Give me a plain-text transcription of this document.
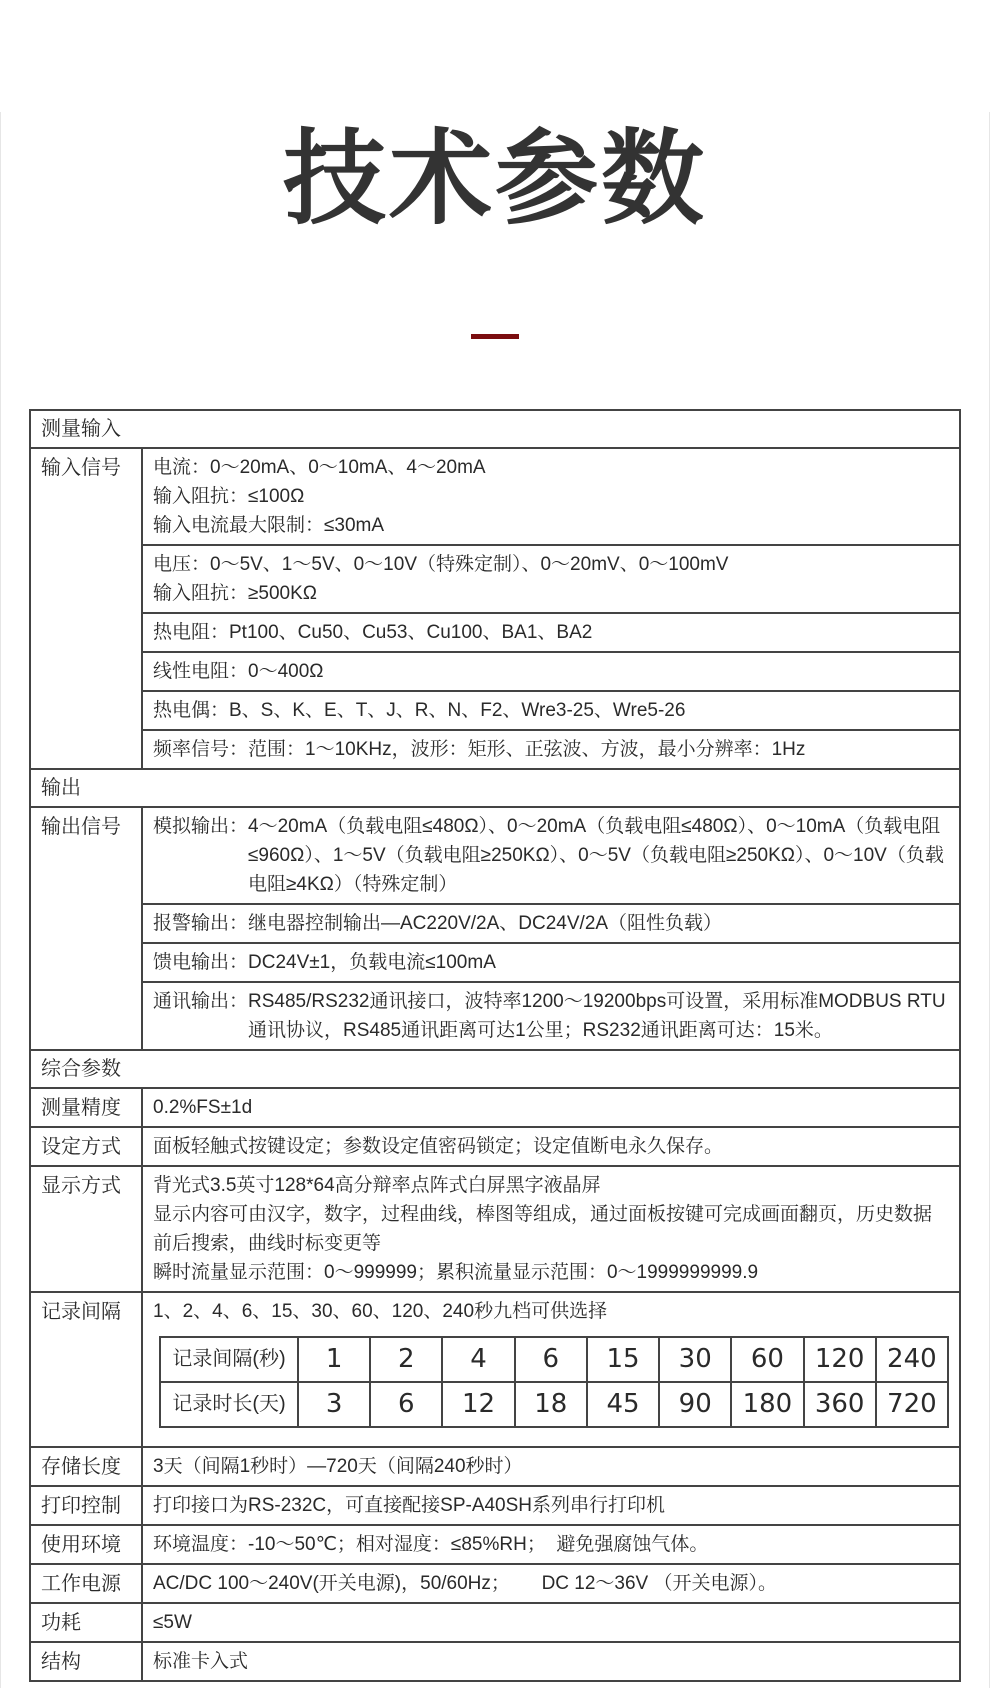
技术参数
测量输入
输入信号	电流：0～20mA、0～10mA、4～20mA
输入阻抗：≤100Ω
输入电流最大限制：≤30mA

电压：0～5V、1～5V、0～10V（特殊定制）、0～20mV、0～100mV
输入阻抗：≥500KΩ

热电阻：Pt100、Cu50、Cu53、Cu100、BA1、BA2

线性电阻：0～400Ω

热电偶：B、S、K、E、T、J、R、N、F2、Wre3-25、Wre5-26

频率信号：范围：1～10KHz，波形：矩形、正弦波、方波，最小分辨率：1Hz

输出
输出信号	模拟输出：4～20mA（负载电阻≤480Ω）、0～20mA（负载电阻≤480Ω）、0～10mA（负载电阻≤960Ω）、1～5V（负载电阻≥250KΩ）、0～5V（负载电阻≥250KΩ）、0～10V（负载电阻≥4KΩ）（特殊定制）

报警输出：继电器控制输出—AC220V/2A、DC24V/2A（阻性负载）

馈电输出：DC24V±1，负载电流≤100mA

通讯输出：RS485/RS232通讯接口，波特率1200～19200bps可设置，采用标准MODBUS RTU通讯协议，RS485通讯距离可达1公里；RS232通讯距离可达：15米。

综合参数
测量精度	0.2%FS±1d

设定方式	面板轻触式按键设定；参数设定值密码锁定；设定值断电永久保存。

显示方式	背光式3.5英寸128*64高分辩率点阵式白屏黑字液晶屏
显示内容可由汉字，数字，过程曲线，棒图等组成，通过面板按键可完成画面翻页，历史数据前后搜索，曲线时标变更等
瞬时流量显示范围：0～999999；累积流量显示范围：0～1999999999.9

记录间隔	1、2、4、6、15、30、60、120、240秒九档可供选择
记录间隔(秒)	1	2	4	6	15	30	60	120	240
记录时长(天)	3	6	12	18	45	90	180	360	720

存储长度	3天（间隔1秒时）—720天（间隔240秒时）

打印控制	打印接口为RS-232C，可直接配接SP-A40SH系列串行打印机

使用环境	环境温度：-10～50℃；相对湿度：≤85%RH；  避免强腐蚀气体。

工作电源	AC/DC 100～240V(开关电源)，50/60Hz；      DC 12～36V （开关电源）。

功耗	≤5W

结构	标准卡入式
